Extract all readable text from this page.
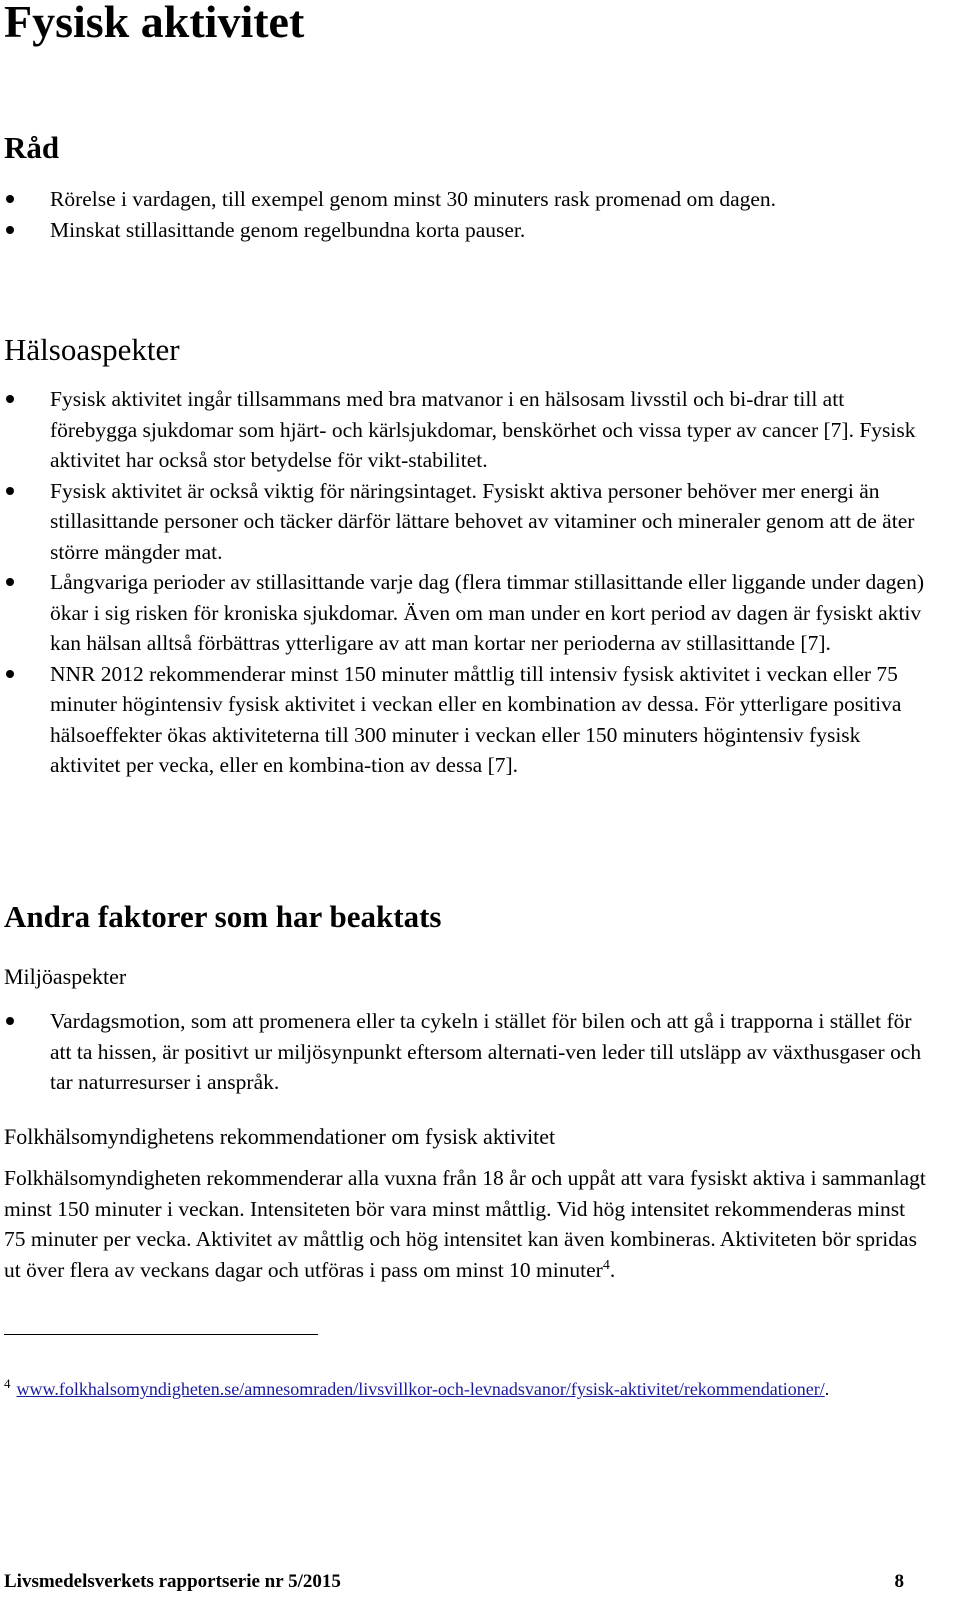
Fysisk aktivitet
Råd
Rörelse i vardagen, till exempel genom minst 30 minuters rask promenad om dagen.
Minskat stillasittande genom regelbundna korta pauser.
Hälsoaspekter
Fysisk aktivitet ingår tillsammans med bra matvanor i en hälsosam livsstil och bi-drar till att förebygga sjukdomar som hjärt- och kärlsjukdomar, benskörhet och vissa typer av cancer [7]. Fysisk aktivitet har också stor betydelse för vikt-stabilitet.
Fysisk aktivitet är också viktig för näringsintaget. Fysiskt aktiva personer behöver mer energi än stillasittande personer och täcker därför lättare behovet av vitaminer och mineraler genom att de äter större mängder mat.
Långvariga perioder av stillasittande varje dag (flera timmar stillasittande eller liggande under dagen) ökar i sig risken för kroniska sjukdomar. Även om man under en kort period av dagen är fysiskt aktiv kan hälsan alltså förbättras ytterligare av att man kortar ner perioderna av stillasittande [7].
NNR 2012 rekommenderar minst 150 minuter måttlig till intensiv fysisk aktivitet i veckan eller 75 minuter högintensiv fysisk aktivitet i veckan eller en kombination av dessa. För ytterligare positiva hälsoeffekter ökas aktiviteterna till 300 minuter i veckan eller 150 minuters högintensiv fysisk aktivitet per vecka, eller en kombina-tion av dessa [7].
Andra faktorer som har beaktats

Miljöaspekter

Vardagsmotion, som att promenera eller ta cykeln i stället för bilen och att gå i trapporna i stället för att ta hissen, är positivt ur miljösynpunkt eftersom alternati-ven leder till utsläpp av växthusgaser och tar naturresurser i anspråk.

Folkhälsomyndighetens rekommendationer om fysisk aktivitet

Folkhälsomyndigheten rekommenderar alla vuxna från 18 år och uppåt att vara fysiskt aktiva i sammanlagt minst 150 minuter i veckan. Intensiteten bör vara minst måttlig. Vid hög intensitet rekommenderas minst 75 minuter per vecka. Aktivitet av måttlig och hög intensitet kan även kombineras. Aktiviteten bör spridas ut över flera av veckans dagar och utföras i pass om minst 10 minuter$^4$.

$^4$ www.folkhalsomyndigheten.se/amnesomraden/livsvillkor-och-levnadsvanor/fysisk-aktivitet/rekommendationer/.

Livsmedelsverkets rapportserie nr 5/2015	8
